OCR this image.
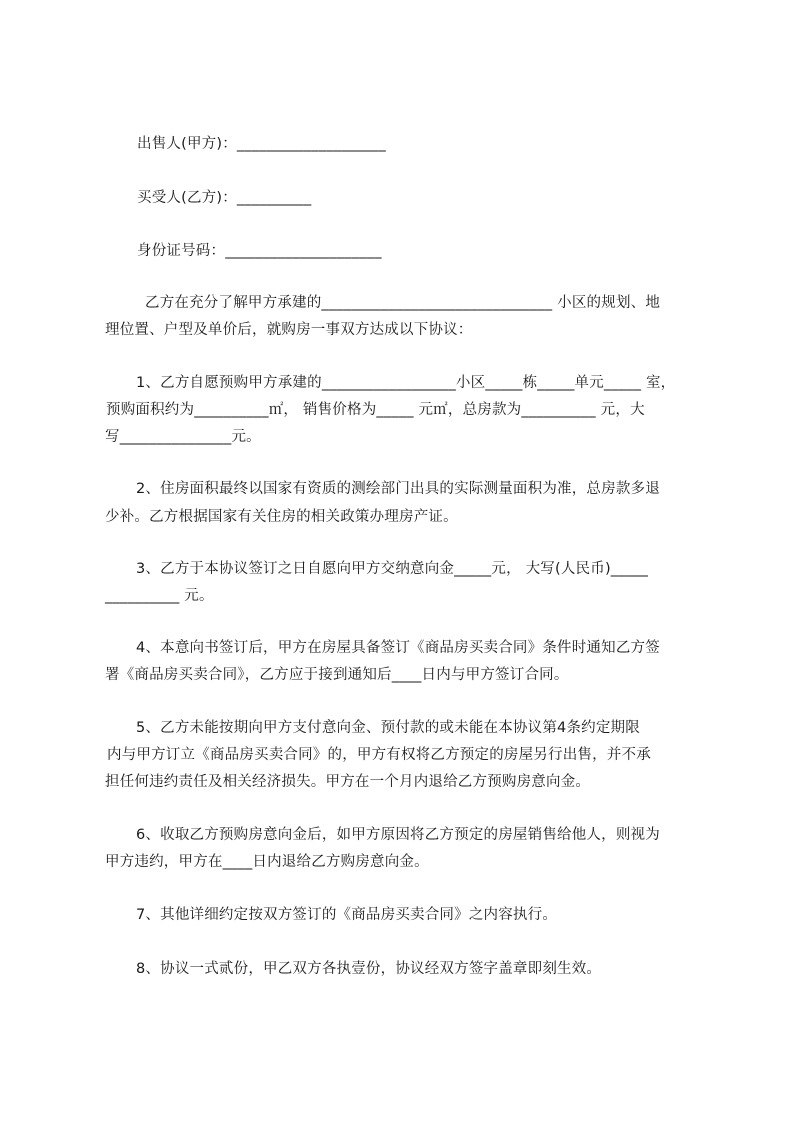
出售人(甲方)：____________________
买受人(乙方)：__________
身份证号码：_____________________
乙方在充分了解甲方承建的_______________________________ 小区的规划、地
理位置、户型及单价后，就购房一事双方达成以下协议：
1、乙方自愿预购甲方承建的__________________小区_____栋_____单元_____ 室，
预购面积约为__________㎡， 销售价格为_____ 元㎡，总房款为__________ 元，大
写_______________元。
2、住房面积最终以国家有资质的测绘部门出具的实际测量面积为准，总房款多退
少补。乙方根据国家有关住房的相关政策办理房产证。
3、乙方于本协议签订之日自愿向甲方交纳意向金_____元， 大写(人民币)_____
__________ 元。
4、本意向书签订后，甲方在房屋具备签订《商品房买卖合同》条件时通知乙方签
署《商品房买卖合同》，乙方应于接到通知后____日内与甲方签订合同。
5、乙方未能按期向甲方支付意向金、预付款的或未能在本协议第4条约定期限
内与甲方订立《商品房买卖合同》的，甲方有权将乙方预定的房屋另行出售，并不承
担任何违约责任及相关经济损失。甲方在一个月内退给乙方预购房意向金。
6、收取乙方预购房意向金后，如甲方原因将乙方预定的房屋销售给他人，则视为
甲方违约，甲方在____日内退给乙方购房意向金。
7、其他详细约定按双方签订的《商品房买卖合同》之内容执行。
8、协议一式贰份，甲乙双方各执壹份，协议经双方签字盖章即刻生效。
